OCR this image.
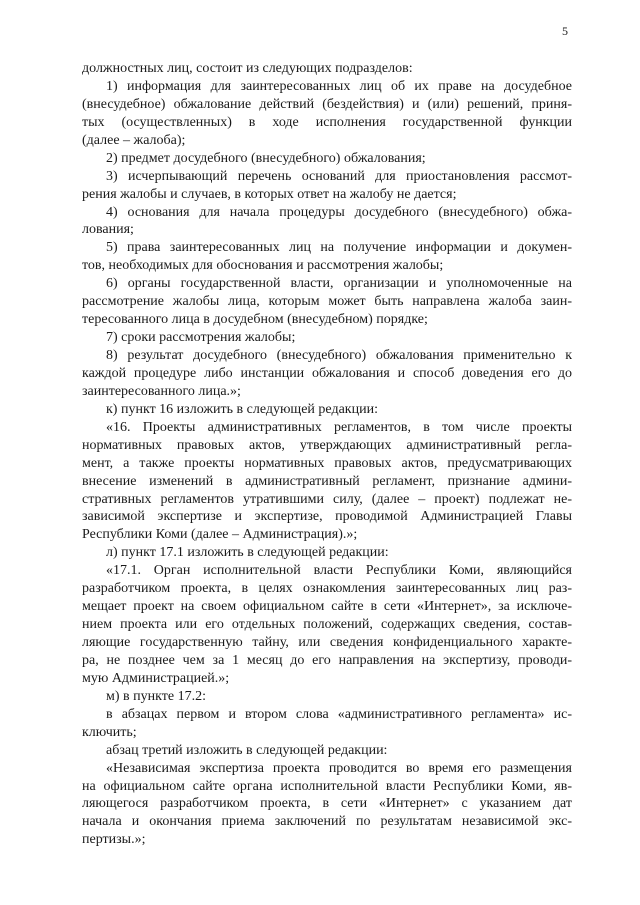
5
должностных лиц, состоит из следующих подразделов:
1) информация для заинтересованных лиц об их праве на досудебное
(внесудебное) обжалование действий (бездействия) и (или) решений, приня-
тых (осуществленных) в ходе исполнения государственной функции
(далее – жалоба);
2) предмет досудебного (внесудебного) обжалования;
3) исчерпывающий перечень оснований для приостановления рассмот-
рения жалобы и случаев, в которых ответ на жалобу не дается;
4) основания для начала процедуры досудебного (внесудебного) обжа-
лования;
5) права заинтересованных лиц на получение информации и докумен-
тов, необходимых для обоснования и рассмотрения жалобы;
6) органы государственной власти, организации и уполномоченные на
рассмотрение жалобы лица, которым может быть направлена жалоба заин-
тересованного лица в досудебном (внесудебном) порядке;
7) сроки рассмотрения жалобы;
8) результат досудебного (внесудебного) обжалования применительно к
каждой процедуре либо инстанции обжалования и способ доведения его до
заинтересованного лица.»;
к) пункт 16 изложить в следующей редакции:
«16. Проекты административных регламентов, в том числе проекты
нормативных правовых актов, утверждающих административный регла-
мент, а также проекты нормативных правовых актов, предусматривающих
внесение изменений в административный регламент, признание админи-
стративных регламентов утратившими силу, (далее – проект) подлежат не-
зависимой экспертизе и экспертизе, проводимой Администрацией Главы
Республики Коми (далее – Администрация).»;
л) пункт 17.1 изложить в следующей редакции:
«17.1. Орган исполнительной власти Республики Коми, являющийся
разработчиком проекта, в целях ознакомления заинтересованных лиц раз-
мещает проект на своем официальном сайте в сети «Интернет», за исключе-
нием проекта или его отдельных положений, содержащих сведения, состав-
ляющие государственную тайну, или сведения конфиденциального характе-
ра, не позднее чем за 1 месяц до его направления на экспертизу, проводи-
мую Администрацией.»;
м) в пункте 17.2:
в абзацах первом и втором слова «административного регламента» ис-
ключить;
абзац третий изложить в следующей редакции:
«Независимая экспертиза проекта проводится во время его размещения
на официальном сайте органа исполнительной власти Республики Коми, яв-
ляющегося разработчиком проекта, в сети «Интернет» с указанием дат
начала и окончания приема заключений по результатам независимой экс-
пертизы.»;
